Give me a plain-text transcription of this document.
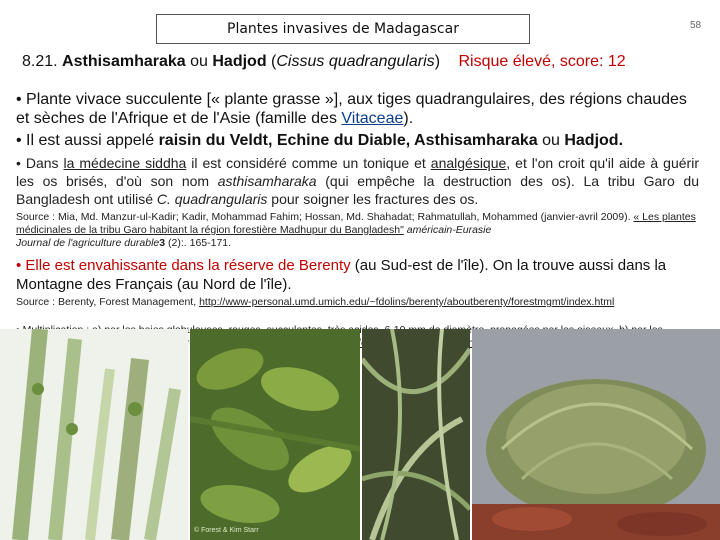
Plantes invasives de Madagascar	58
8.21. Asthisamharaka ou Hadjod (Cissus quadrangularis) Risque élevé, score: 12
• Plante vivace succulente [« plante grasse »], aux tiges quadrangulaires, des régions chaudes et sèches de l'Afrique et de l'Asie (famille des Vitaceae).
• Il est aussi appelé raisin du Veldt, Echine du Diable, Asthisamharaka ou Hadjod.
• Dans la médecine siddha il est considéré comme un tonique et analgésique, et l'on croit qu'il aide à guérir les os brisés, d'où son nom asthisamharaka (qui empêche la destruction des os). La tribu Garo du Bangladesh ont utilisé C. quadrangularis pour soigner les fractures des os.
Source : Mia, Md. Manzur-ul-Kadir; Kadir, Mohammad Fahim; Hossan, Md. Shahadat; Rahmatullah, Mohammed (janvier-avril 2009). « Les plantes médicinales de la tribu Garo habitant la région forestière Madhupur du Bangladesh" américain-Eurasie
Journal de l'agriculture durable3 (2):. 165-171.
• Elle est envahissante dans la réserve de Berenty (au Sud-est de l'île). On la trouve aussi dans la Montagne des Français (au Nord de l'île).
Source : Berenty, Forest Management, http://www-personal.umd.umich.edu/~fdolins/berenty/aboutberenty/forestmgmt/index.html
© Forest & Kim Starr
